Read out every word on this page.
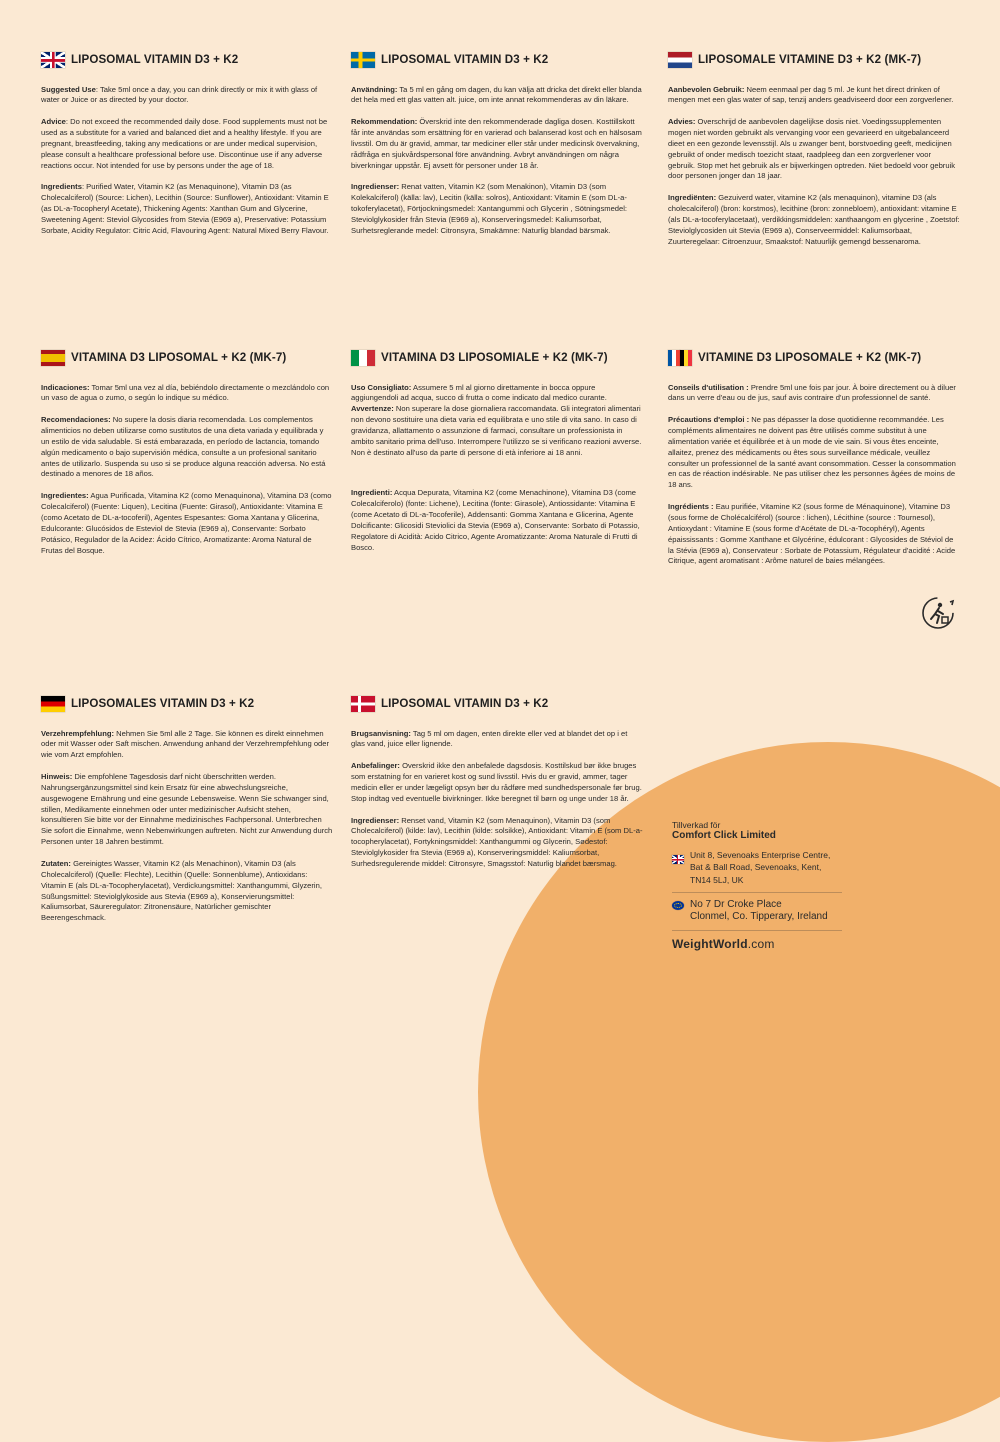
LIPOSOMAL VITAMIN D3 + K2

Suggested Use: Take 5ml once a day, you can drink directly or mix it with glass of water or Juice or as directed by your doctor.

Advice: Do not exceed the recommended daily dose. Food supplements must not be used as a substitute for a varied and balanced diet and a healthy lifestyle. If you are pregnant, breastfeeding, taking any medications or are under medical supervision, please consult a healthcare professional before use. Discontinue use if any adverse reactions occur. Not intended for use by persons under the age of 18.

Ingredients: Purified Water, Vitamin K2 (as Menaquinone), Vitamin D3 (as Cholecalciferol) (Source: Lichen), Lecithin (Source: Sunflower), Antioxidant: Vitamin E (as DL-a-Tocopheryl Acetate), Thickening Agents: Xanthan Gum and Glycerine, Sweetening Agent: Steviol Glycosides from Stevia (E969 a), Preservative: Potassium Sorbate, Acidity Regulator: Citric Acid, Flavouring Agent: Natural Mixed Berry Flavour.

LIPOSOMAL VITAMIN D3 + K2

Användning: Ta 5 ml en gång om dagen, du kan välja att dricka det direkt eller blanda det hela med ett glas vatten alt. juice, om inte annat rekommenderas av din läkare.

Rekommendation: Överskrid inte den rekommenderade dagliga dosen. Kosttillskott får inte användas som ersättning för en varierad och balanserad kost och en hälsosam livsstil. Om du är gravid, ammar, tar mediciner eller står under medicinsk övervakning, rådfråga en sjukvårdspersonal före användning. Avbryt användningen om några biverkningar uppstår. Ej avsett för personer under 18 år.

Ingredienser: Renat vatten, Vitamin K2 (som Menakinon), Vitamin D3 (som Kolekalciferol) (källa: lav), Lecitin (källa: solros), Antioxidant: Vitamin E (som DL-a-tokoferylacetat), Förtjockningsmedel: Xantangummi och Glycerin , Sötningsmedel: Steviolglykosider från Stevia (E969 a), Konserveringsmedel: Kaliumsorbat, Surhetsreglerande medel: Citronsyra, Smakämne: Naturlig blandad bärsmak.

LIPOSOMALE VITAMINE D3 + K2 (MK-7)

Aanbevolen Gebruik: Neem eenmaal per dag 5 ml. Je kunt het direct drinken of mengen met een glas water of sap, tenzij anders geadviseerd door een zorgverlener.

Advies: Overschrijd de aanbevolen dagelijkse dosis niet. Voedingssupplementen mogen niet worden gebruikt als vervanging voor een gevarieerd en uitgebalanceerd dieet en een gezonde levensstijl. Als u zwanger bent, borstvoeding geeft, medicijnen gebruikt of onder medisch toezicht staat, raadpleeg dan een zorgverlener voor gebruik. Stop met het gebruik als er bijwerkingen optreden. Niet bedoeld voor gebruik door personen jonger dan 18 jaar.

Ingrediënten: Gezuiverd water, vitamine K2 (als menaquinon), vitamine D3 (als cholecalciferol) (bron: korstmos), lecithine (bron: zonnebloem), antioxidant: vitamine E (als DL-a-tocoferylacetaat), verdikkingsmiddelen: xanthaangom en glycerine , Zoetstof: Steviolglycosiden uit Stevia (E969 a), Conserveermiddel: Kaliumsorbaat, Zuurteregelaar: Citroenzuur, Smaakstof: Natuurlijk gemengd bessenaroma.

VITAMINA D3 LIPOSOMAL + K2 (MK-7)

Indicaciones: Tomar 5ml una vez al día, bebiéndolo directamente o mezclándolo con un vaso de agua o zumo, o según lo indique su médico.

Recomendaciones: No supere la dosis diaria recomendada. Los complementos alimenticios no deben utilizarse como sustitutos de una dieta variada y equilibrada y un estilo de vida saludable. Si está embarazada, en período de lactancia, tomando algún medicamento o bajo supervisión médica, consulte a un profesional sanitario antes de utilizarlo. Suspenda su uso si se produce alguna reacción adversa. No está destinado a menores de 18 años.

Ingredientes: Agua Purificada, Vitamina K2 (como Menaquinona), Vitamina D3 (como Colecalciferol) (Fuente: Liquen), Lecitina (Fuente: Girasol), Antioxidante: Vitamina E (como Acetato de DL-a-tocoferil), Agentes Espesantes: Goma Xantana y Glicerina, Edulcorante: Glucósidos de Esteviol de Stevia (E969 a), Conservante: Sorbato Potásico, Regulador de la Acidez: Ácido Cítrico, Aromatizante: Aroma Natural de Frutas del Bosque.

VITAMINA D3 LIPOSOMIALE + K2 (MK-7)

Uso Consigliato: Assumere 5 ml al giorno direttamente in bocca oppure aggiungendoli ad acqua, succo di frutta o come indicato dal medico curante.

Avvertenze: Non superare la dose giornaliera raccomandata. Gli integratori alimentari non devono sostituire una dieta varia ed equilibrata e uno stile di vita sano. In caso di gravidanza, allattamento o assunzione di farmaci, consultare un professionista in ambito sanitario prima dell'uso. Interrompere l'utilizzo se si verificano reazioni avverse. Non è destinato all'uso da parte di persone di età inferiore ai 18 anni.

Ingredienti: Acqua Depurata, Vitamina K2 (come Menachinone), Vitamina D3 (come Colecalciferolo) (fonte: Lichene), Lecitina (fonte: Girasole), Antiossidante: Vitamina E (come Acetato di DL-a-Tocoferile), Addensanti: Gomma Xantana e Glicerina, Agente Dolcificante: Glicosidi Steviolici da Stevia (E969 a), Conservante: Sorbato di Potassio, Regolatore di Acidità: Acido Citrico, Agente Aromatizzante: Aroma Naturale di Frutti di Bosco.

VITAMINE D3 LIPOSOMALE + K2 (MK-7)

Conseils d'utilisation : Prendre 5ml une fois par jour. À boire directement ou à diluer dans un verre d'eau ou de jus, sauf avis contraire d'un professionnel de santé.

Précautions d'emploi : Ne pas dépasser la dose quotidienne recommandée. Les compléments alimentaires ne doivent pas être utilisés comme substitut à une alimentation variée et équilibrée et à un mode de vie sain. Si vous êtes enceinte, allaitez, prenez des médicaments ou êtes sous surveillance médicale, veuillez consulter un professionnel de la santé avant consommation. Cesser la consommation en cas de réaction indésirable. Ne pas utiliser chez les personnes âgées de moins de 18 ans.

Ingrédients : Eau purifiée, Vitamine K2 (sous forme de Ménaquinone), Vitamine D3 (sous forme de Cholécalciférol) (source : lichen), Lécithine (source : Tournesol), Antioxydant : Vitamine E (sous forme d'Acétate de DL-a-Tocophéryl), Agents épaississants : Gomme Xanthane et Glycérine, édulcorant : Glycosides de Stéviol de la Stévia (E969 a), Conservateur : Sorbate de Potassium, Régulateur d'acidité : Acide Citrique, agent aromatisant : Arôme naturel de baies mélangées.

LIPOSOMALES VITAMIN D3 + K2

Verzehrempfehlung: Nehmen Sie 5ml alle 2 Tage. Sie können es direkt einnehmen oder mit Wasser oder Saft mischen. Anwendung anhand der Verzehrempfehlung oder wie vom Arzt empfohlen.

Hinweis: Die empfohlene Tagesdosis darf nicht überschritten werden. Nahrungsergänzungsmittel sind kein Ersatz für eine abwechslungsreiche, ausgewogene Ernährung und eine gesunde Lebensweise. Wenn Sie schwanger sind, stillen, Medikamente einnehmen oder unter medizinischer Aufsicht stehen, konsultieren Sie bitte vor der Einnahme medizinisches Fachpersonal. Unterbrechen Sie sofort die Einnahme, wenn Nebenwirkungen auftreten. Nicht zur Anwendung durch Personen unter 18 Jahren bestimmt.

Zutaten: Gereinigtes Wasser, Vitamin K2 (als Menachinon), Vitamin D3 (als Cholecalciferol) (Quelle: Flechte), Lecithin (Quelle: Sonnenblume), Antioxidans: Vitamin E (als DL-a-Tocopherylacetat), Verdickungsmittel: Xanthangummi, Glyzerin, Süßungsmittel: Steviolglykoside aus Stevia (E969 a), Konservierungsmittel: Kaliumsorbat, Säureregulator: Zitronensäure, Natürlicher gemischter Beerengeschmack.

LIPOSOMAL VITAMIN D3 + K2

Brugsanvisning: Tag 5 ml om dagen, enten direkte eller ved at blandet det op i et glas vand, juice eller lignende.

Anbefalinger: Overskrid ikke den anbefalede dagsdosis. Kosttilskud bør ikke bruges som erstatning for en varieret kost og sund livsstil. Hvis du er gravid, ammer, tager medicin eller er under lægeligt opsyn bør du rådføre med sundhedspersonale før brug. Stop indtag ved eventuelle bivirkninger. Ikke beregnet til børn og unge under 18 år.

Ingredienser: Renset vand, Vitamin K2 (som Menaquinon), Vitamin D3 (som Cholecalciferol) (kilde: lav), Lecithin (kilde: solsikke), Antioxidant: Vitamin E (som DL-a-tocopherylacetat), Fortykningsmiddel: Xanthangummi og Glycerin, Sødestof: Steviolglykosider fra Stevia (E969 a), Konserveringsmiddel: Kaliumsorbat, Surhedsregulerende middel: Citronsyre, Smagsstof: Naturlig blandet bærsmag.

Tillverkad för
Comfort Click Limited
Unit 8, Sevenoaks Enterprise Centre,
Bat & Ball Road, Sevenoaks, Kent,
TN14 5LJ, UK
No 7 Dr Croke Place
Clonmel, Co. Tipperary, Ireland
WeightWorld.com
